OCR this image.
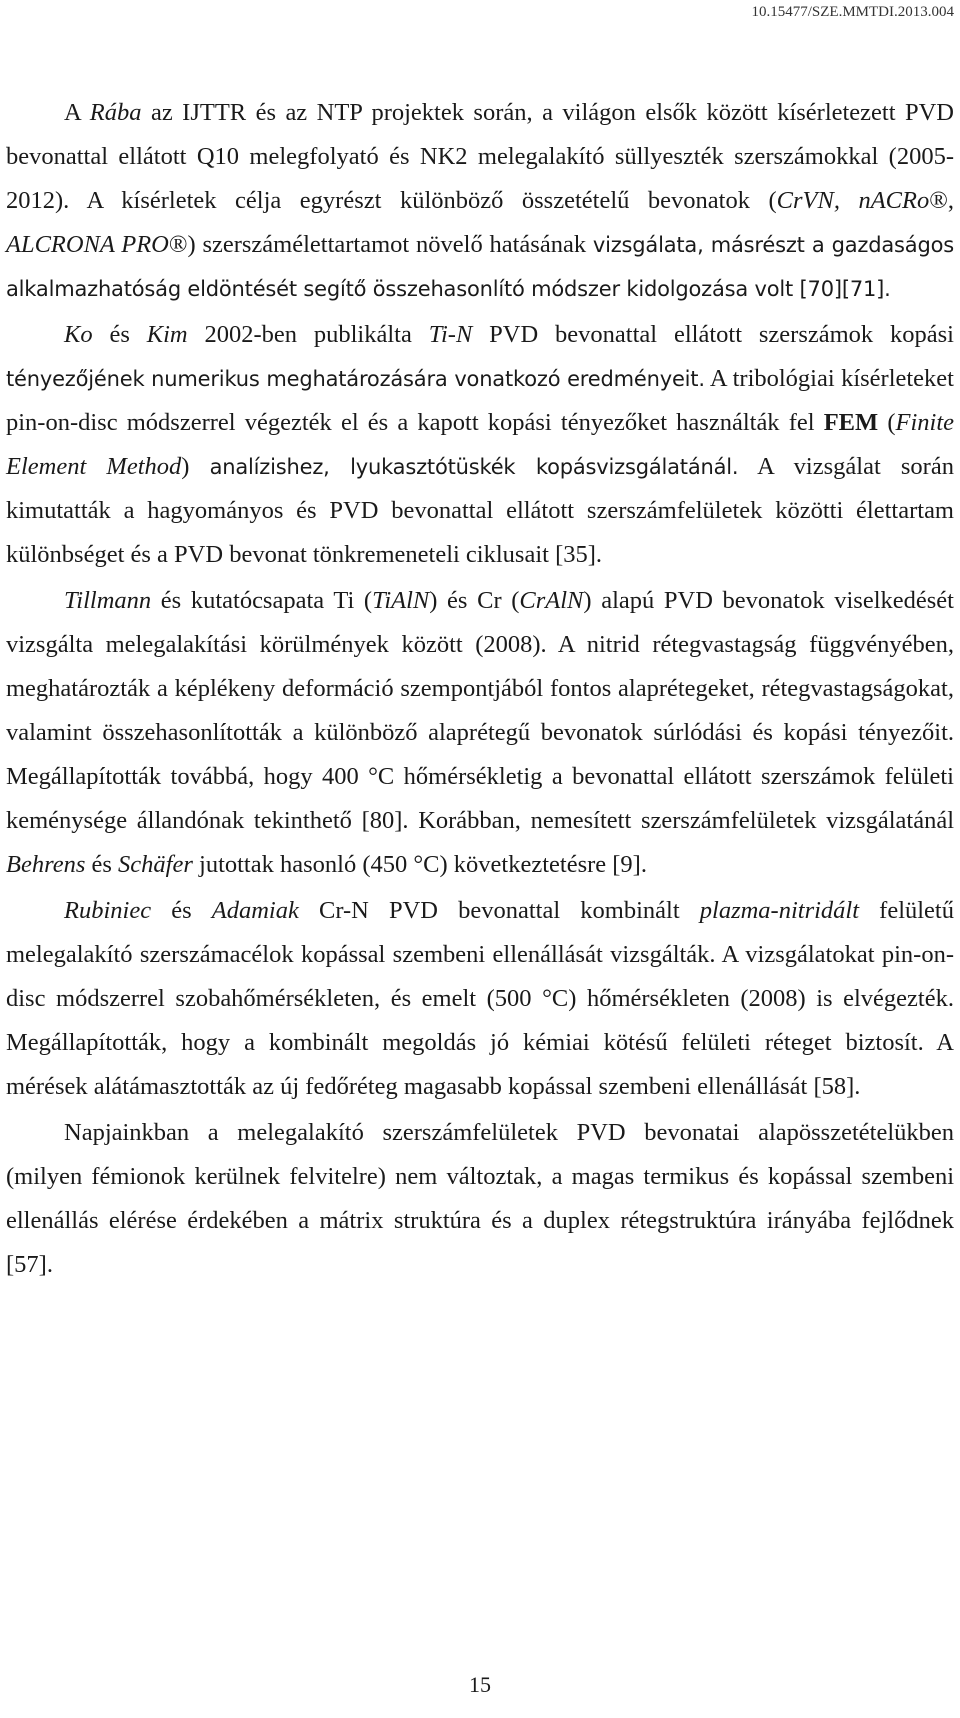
10.15477/SZE.MMTDI.2013.004

A Rába az IJTTR és az NTP projektek során, a világon elsők között kísérletezett PVD bevonattal ellátott Q10 melegfolyató és NK2 melegalakító süllyeszték szerszámokkal (2005-2012). A kísérletek célja egyrészt különböző összetételű bevonatok (CrVN, nACRo®, ALCRONA PRO®) szerszámélettartamot növelő hatásának vizsgálata, másrészt a gazdaságos alkalmazhatóság eldöntését segítő összehasonlító módszer kidolgozása volt [70][71].

Ko és Kim 2002-ben publikálta Ti-N PVD bevonattal ellátott szerszámok kopási tényezőjének numerikus meghatározására vonatkozó eredményeit. A tribológiai kísérleteket pin-on-disc módszerrel végezték el és a kapott kopási tényezőket használták fel FEM (Finite Element Method) analízishez, lyukasztótüskék kopásvizsgálatánál. A vizsgálat során kimutatták a hagyományos és PVD bevonattal ellátott szerszámfelületek közötti élettartam különbséget és a PVD bevonat tönkremeneteli ciklusait [35].

Tillmann és kutatócsapata Ti (TiAlN) és Cr (CrAlN) alapú PVD bevonatok viselkedését vizsgálta melegalakítási körülmények között (2008). A nitrid rétegvastagság függvényében, meghatározták a képlékeny deformáció szempontjából fontos alaprétegeket, rétegvastagságokat, valamint összehasonlították a különböző alaprétegű bevonatok súrlódási és kopási tényezőit. Megállapították továbbá, hogy 400 °C hőmérsékletig a bevonattal ellátott szerszámok felületi keménysége állandónak tekinthető [80]. Korábban, nemesített szerszámfelületek vizsgálatánál Behrens és Schäfer jutottak hasonló (450 °C) következtetésre [9].

Rubiniec és Adamiak Cr-N PVD bevonattal kombinált plazma-nitridált felületű melegalakító szerszámacélok kopással szembeni ellenállását vizsgálták. A vizsgálatokat pin-on-disc módszerrel szobahőmérsékleten, és emelt (500 °C) hőmérsékleten (2008) is elvégezték. Megállapították, hogy a kombinált megoldás jó kémiai kötésű felületi réteget biztosít. A mérések alátámasztották az új fedőréteg magasabb kopással szembeni ellenállását [58].

Napjainkban a melegalakító szerszámfelületek PVD bevonatai alapösszetételükben (milyen fémionok kerülnek felvitelre) nem változtak, a magas termikus és kopással szembeni ellenállás elérése érdekében a mátrix struktúra és a duplex rétegstruktúra irányába fejlődnek [57].

15
